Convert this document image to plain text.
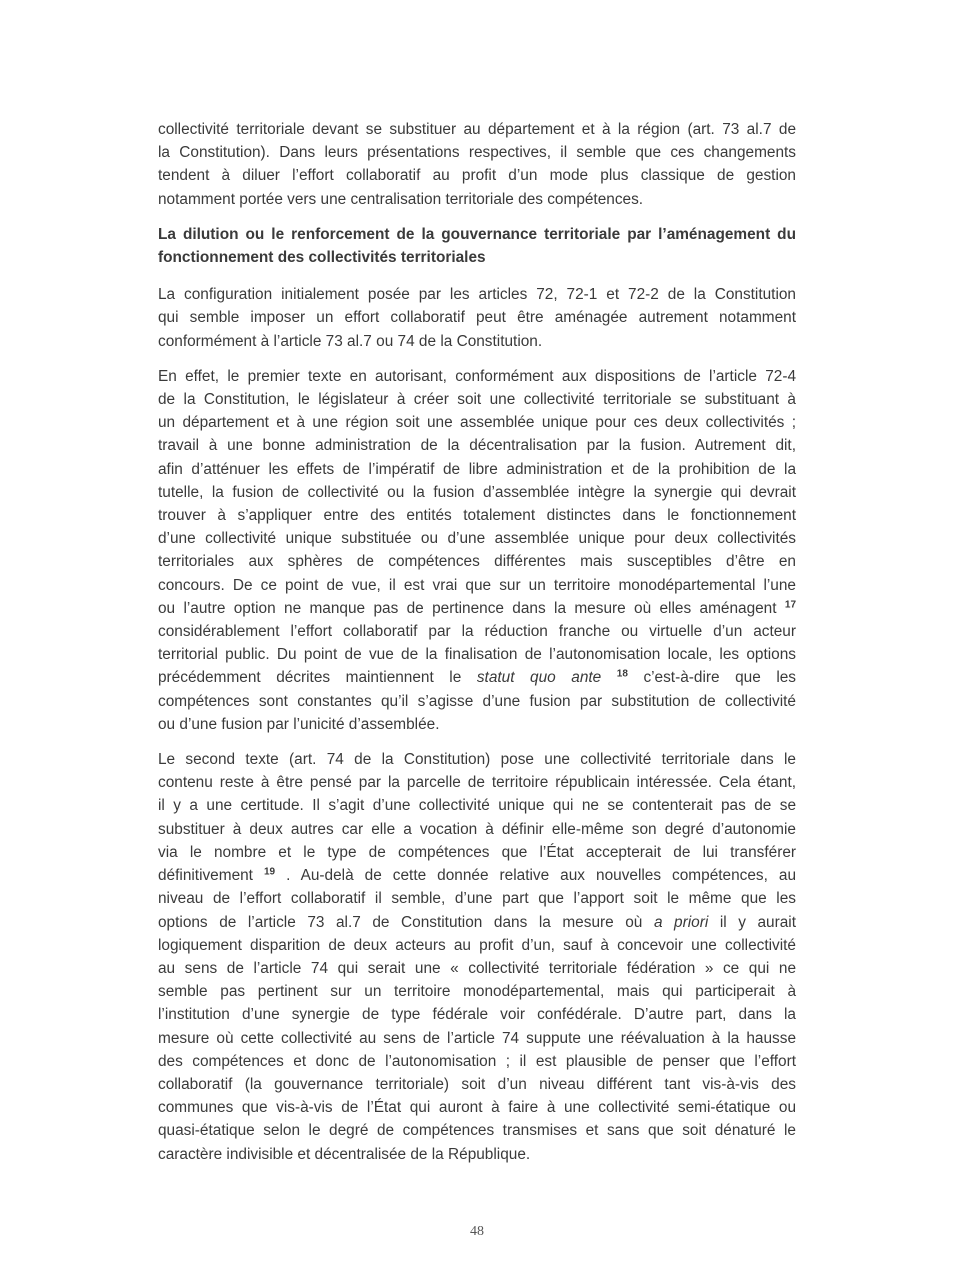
collectivité territoriale devant se substituer au département et à la région (art. 73 al.7 de
la Constitution). Dans leurs présentations respectives, il semble que ces changements
tendent à diluer l’effort collaboratif au profit d’un mode plus classique de gestion
notamment portée vers une centralisation territoriale des compétences.

La dilution ou le renforcement de la gouvernance territoriale par l’aménagement du
fonctionnement des collectivités territoriales

La configuration initialement posée par les articles 72, 72-1 et 72-2 de la Constitution
qui semble imposer un effort collaboratif peut être aménagée autrement notamment
conformément à l’article 73 al.7 ou 74 de la Constitution.

En effet, le premier texte en autorisant, conformément aux dispositions de l’article 72-4
de la Constitution, le législateur à créer soit une collectivité territoriale se substituant à
un département et à une région soit une assemblée unique pour ces deux collectivités ;
travail à une bonne administration de la décentralisation par la fusion. Autrement dit,
afin d’atténuer les effets de l’impératif de libre administration et de la prohibition de la
tutelle, la fusion de collectivité ou la fusion d’assemblée intègre la synergie qui devrait
trouver à s’appliquer entre des entités totalement distinctes dans le fonctionnement
d’une collectivité unique substituée ou d’une assemblée unique pour deux collectivités
territoriales aux sphères de compétences différentes mais susceptibles d’être en
concours. De ce point de vue, il est vrai que sur un territoire monodépartemental l’une
ou l’autre option ne manque pas de pertinence dans la mesure où elles aménagent $^{17}$
considérablement l’effort collaboratif par la réduction franche ou virtuelle d’un acteur
territorial public. Du point de vue de la finalisation de l’autonomisation locale, les options
précédemment décrites maintiennent le statut quo ante $^{18}$ c’est-à-dire que les
compétences sont constantes qu’il s’agisse d’une fusion par substitution de collectivité
ou d’une fusion par l’unicité d’assemblée.

Le second texte (art. 74 de la Constitution) pose une collectivité territoriale dans le
contenu reste à être pensé par la parcelle de territoire républicain intéressée. Cela étant,
il y a une certitude. Il s’agit d’une collectivité unique qui ne se contenterait pas de se
substituer à deux autres car elle a vocation à définir elle-même son degré d’autonomie
via le nombre et le type de compétences que l’État accepterait de lui transférer
définitivement $^{19}$ . Au-delà de cette donnée relative aux nouvelles compétences, au
niveau de l’effort collaboratif il semble, d’une part que l’apport soit le même que les
options de l’article 73 al.7 de Constitution dans la mesure où a priori il y aurait
logiquement disparition de deux acteurs au profit d’un, sauf à concevoir une collectivité
au sens de l’article 74 qui serait une « collectivité territoriale fédération » ce qui ne
semble pas pertinent sur un territoire monodépartemental, mais qui participerait à
l’institution d’une synergie de type fédérale voir confédérale. D’autre part, dans la
mesure où cette collectivité au sens de l’article 74 suppute une réévaluation à la hausse
des compétences et donc de l’autonomisation ; il est plausible de penser que l’effort
collaboratif (la gouvernance territoriale) soit d’un niveau différent tant vis-à-vis des
communes que vis-à-vis de l’État qui auront à faire à une collectivité semi-étatique ou
quasi-étatique selon le degré de compétences transmises et sans que soit dénaturé le
caractère indivisible et décentralisée de la République.

48
